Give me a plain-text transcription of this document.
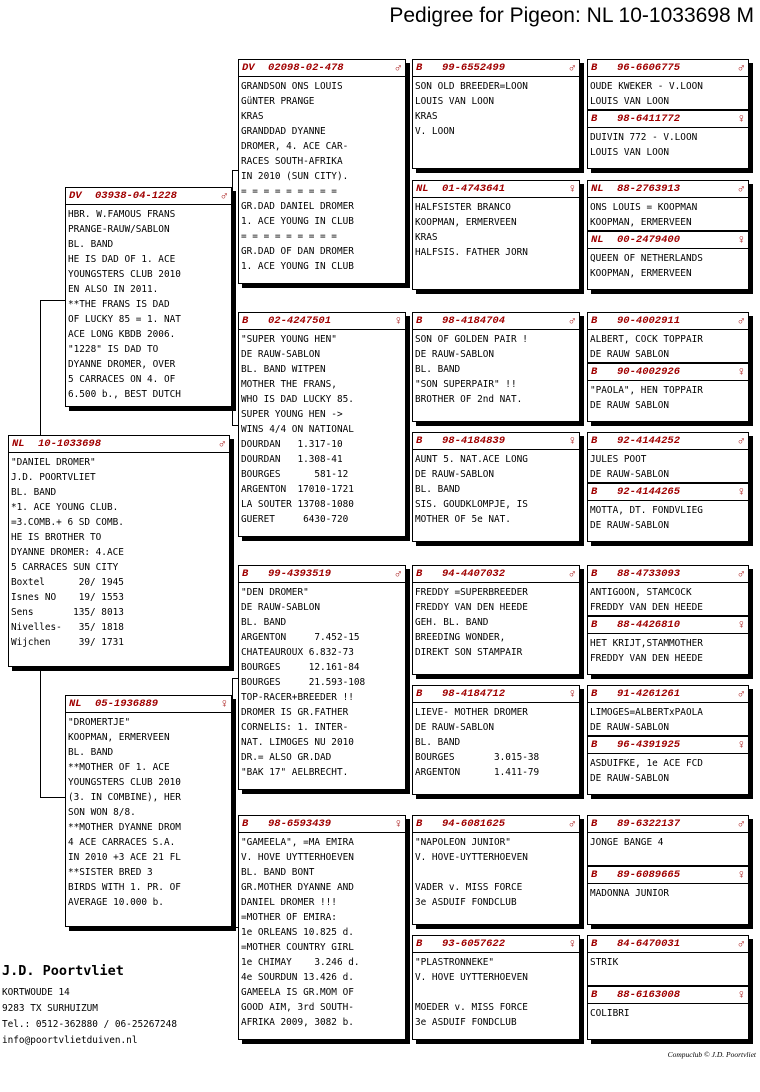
Pedigree for Pigeon: NL 10-1033698 M
NL	10-1033698	♂
"DANIEL DROMER"
J.D. POORTVLIET
BL. BAND
*1. ACE YOUNG CLUB.
=3.COMB.+ 6 SD COMB.
HE IS BROTHER TO
DYANNE DROMER: 4.ACE
5 CARRACES SUN CITY
Boxtel      20/ 1945
Isnes NO    19/ 1553
Sens       135/ 8013
Nivelles-   35/ 1818
Wijchen     39/ 1731
DV	03938-04-1228	♂
HBR. W.FAMOUS FRANS
PRANGE-RAUW/SABLON
BL. BAND
HE IS DAD OF 1. ACE
YOUNGSTERS CLUB 2010
EN ALSO IN 2011.
**THE FRANS IS DAD
OF LUCKY 85 = 1. NAT
ACE LONG KBDB 2006.
"1228" IS DAD TO
DYANNE DROMER, OVER
5 CARRACES ON 4. OF
6.500 b., BEST DUTCH
NL	05-1936889	♀
"DROMERTJE"
KOOPMAN, ERMERVEEN
BL. BAND
**MOTHER OF 1. ACE
YOUNGSTERS CLUB 2010
(3. IN COMBINE), HER
SON WON 8/8.
**MOTHER DYANNE DROM
4 ACE CARRACES S.A.
IN 2010 +3 ACE 21 FL
**SISTER BRED 3
BIRDS WITH 1. PR. OF
AVERAGE 10.000 b.
DV	02098-02-478	♂
GRANDSON ONS LOUIS
GüNTER PRANGE
KRAS
GRANDDAD DYANNE
DROMER, 4. ACE CAR-
RACES SOUTH-AFRIKA
IN 2010 (SUN CITY).
= = = = = = = = =
GR.DAD DANIEL DROMER
1. ACE YOUNG IN CLUB
= = = = = = = = =
GR.DAD OF DAN DROMER
1. ACE YOUNG IN CLUB
B	02-4247501	♀
"SUPER YOUNG HEN"
DE RAUW-SABLON
BL. BAND WITPEN
MOTHER THE FRANS,
WHO IS DAD LUCKY 85.
SUPER YOUNG HEN ->
WINS 4/4 ON NATIONAL
DOURDAN   1.317-10
DOURDAN   1.308-41
BOURGES      581-12
ARGENTON  17010-1721
LA SOUTER 13708-1080
GUERET     6430-720
B	99-4393519	♂
"DEN DROMER"
DE RAUW-SABLON
BL. BAND
ARGENTON     7.452-15
CHATEAUROUX 6.832-73
BOURGES     12.161-84
BOURGES     21.593-108
TOP-RACER+BREEDER !!
DROMER IS GR.FATHER
CORNELIS: 1. INTER-
NAT. LIMOGES NU 2010
DR.= ALSO GR.DAD
"BAK 17" AELBRECHT.
B	98-6593439	♀
"GAMEELA", =MA EMIRA
V. HOVE UYTTERHOEVEN
BL. BAND BONT
GR.MOTHER DYANNE AND
DANIEL DROMER !!!
=MOTHER OF EMIRA:
1e ORLEANS 10.825 d.
=MOTHER COUNTRY GIRL
1e CHIMAY    3.246 d.
4e SOURDUN 13.426 d.
GAMEELA IS GR.MOM OF
GOOD AIM, 3rd SOUTH-
AFRIKA 2009, 3082 b.
B	99-6552499	♂
SON OLD BREEDER=LOON
LOUIS VAN LOON
KRAS
V. LOON
NL	01-4743641	♀
HALFSISTER BRANCO
KOOPMAN, ERMERVEEN
KRAS
HALFSIS. FATHER JORN
B	98-4184704	♂
SON OF GOLDEN PAIR !
DE RAUW-SABLON
BL. BAND
"SON SUPERPAIR" !!
BROTHER OF 2nd NAT.
B	98-4184839	♀
AUNT 5. NAT.ACE LONG
DE RAUW-SABLON
BL. BAND
SIS. GOUDKLOMPJE, IS
MOTHER OF 5e NAT.
B	94-4407032	♂
FREDDY =SUPERBREEDER
FREDDY VAN DEN HEEDE
GEH. BL. BAND
BREEDING WONDER,
DIREKT SON STAMPAIR
B	98-4184712	♀
LIEVE- MOTHER DROMER
DE RAUW-SABLON
BL. BAND
BOURGES       3.015-38
ARGENTON      1.411-79
B	94-6081625	♂
"NAPOLEON JUNIOR"
V. HOVE-UYTTERHOEVEN
VADER v. MISS FORCE
3e ASDUIF FONDCLUB
B	93-6057622	♀
"PLASTRONNEKE"
V. HOVE UYTTERHOEVEN
MOEDER v. MISS FORCE
3e ASDUIF FONDCLUB
B	96-6606775	♂
OUDE KWEKER - V.LOON
LOUIS VAN LOON
B	98-6411772	♀
DUIVIN 772 - V.LOON
LOUIS VAN LOON
NL	88-2763913	♂
ONS LOUIS = KOOPMAN
KOOPMAN, ERMERVEEN
NL	00-2479400	♀
QUEEN OF NETHERLANDS
KOOPMAN, ERMERVEEN
B	90-4002911	♂
ALBERT, COCK TOPPAIR
DE RAUW SABLON
B	90-4002926	♀
"PAOLA", HEN TOPPAIR
DE RAUW SABLON
B	92-4144252	♂
JULES POOT
DE RAUW-SABLON
B	92-4144265	♀
MOTTA, DT. FONDVLIEG
DE RAUW-SABLON
B	88-4733093	♂
ANTIGOON, STAMCOCK
FREDDY VAN DEN HEEDE
B	88-4426810	♀
HET KRIJT,STAMMOTHER
FREDDY VAN DEN HEEDE
B	91-4261261	♂
LIMOGES=ALBERTxPAOLA
DE RAUW-SABLON
B	96-4391925	♀
ASDUIFKE, 1e ACE FCD
DE RAUW-SABLON
B	89-6322137	♂
JONGE BANGE 4
B	89-6089665	♀
MADONNA JUNIOR
B	84-6470031	♂
STRIK
B	88-6163008	♀
COLIBRI
J.D. Poortvliet
KORTWOUDE 14
9283 TX SURHUIZUM
Tel.: 0512-362880 / 06-25267248
info@poortvlietduiven.nl
Compuclub © J.D. Poortvliet
